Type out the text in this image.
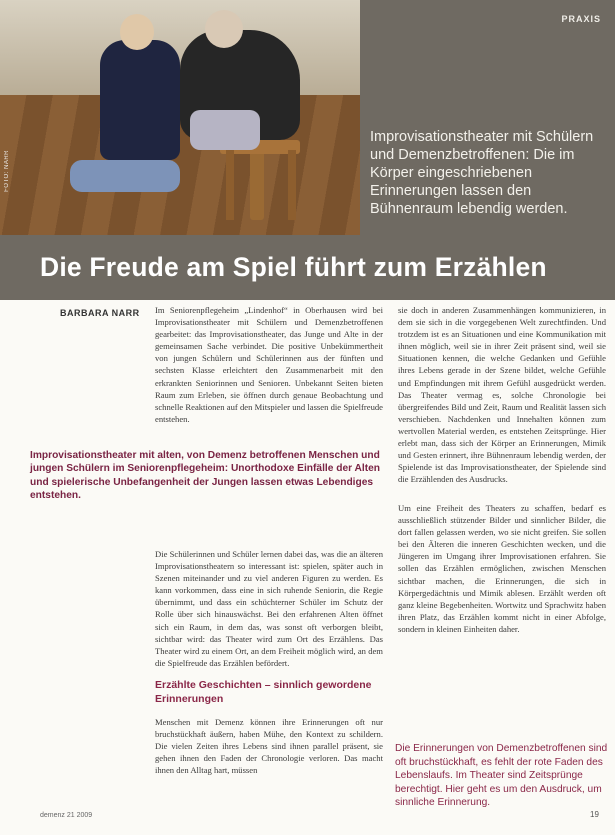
FOTO: NARR
PRAXIS
Improvisationstheater mit Schülern und Demenzbetroffenen: Die im Körper eingeschriebenen Erinnerungen lassen den Bühnenraum lebendig werden.
Die Freude am Spiel führt zum Erzählen
BARBARA NARR Im Seniorenpflegeheim „Lindenhof“ in Oberhausen wird bei Improvisationstheater mit Schülern und Demenzbetroffenen gearbeitet: das Improvisationstheater, das Junge und Alte in der gemeinsamen Sache verbindet. Die positive Unbekümmertheit von jungen Schülern und Schülerinnen aus der fünften und sechsten Klasse erleichtert den Zusammenarbeit mit den erkrankten Seniorinnen und Senioren. Unbekannt Seiten bieten Raum zum Erleben, sie öffnen durch genaue Beobachtung und schnelle Reaktionen auf den Mitspieler und lassen die Spielfreude entstehen.

Improvisationstheater mit alten, von Demenz betroffenen Menschen und jungen Schülern im Seniorenpflegeheim: Unorthodoxe Einfälle der Alten und spielerische Unbefangenheit der Jungen lassen etwas Lebendiges entstehen.

Die Schülerinnen und Schüler lernen dabei das, was die an älteren Improvisationstheatern so interessant ist: spielen, später auch in Szenen miteinander und zu viel anderen Figuren zu werden. Es kann vorkommen, dass eine in sich ruhende Seniorin, die Regie übernimmt, und dass ein schüchterner Schüler im Schutz der Rolle über sich hinauswächst. Bei den erfahrenen Alten öffnet sich ein Raum, in dem das, was sonst oft verborgen bleibt, sichtbar wird: das Theater wird zum Ort des Erzählens. Das Theater wird zu einem Ort, an dem Freiheit möglich wird, an dem die Spielfreude das Erzählen befördert.

Erzählte Geschichten – sinnlich gewordene Erinnerungen

Menschen mit Demenz können ihre Erinnerungen oft nur bruchstückhaft äußern, haben Mühe, den Kontext zu schildern. Die vielen Zeiten ihres Lebens sind ihnen parallel präsent, sie gehen ihnen den Faden der Chronologie verloren. Das macht ihnen den Alltag hart, müssen

sie doch in anderen Zusammenhängen kommunizieren, in dem sie sich in die vorgegebenen Welt zurechtfinden. Und trotzdem ist es an Situationen und eine Kommunikation mit ihnen möglich, weil sie in ihrer Zeit präsent sind, weil sie Situationen kennen, die welche Gedanken und Gefühle ihres Lebens gerade in der Szene bildet, welche Gefühle und Empfindungen mit ihrem Gefühl ausgedrückt werden. Das Theater vermag es, solche Chronologie bei übergreifendes Bild und Zeit, Raum und Realität lassen sich verschieben. Nachdenken und Innehalten können zum wertvollen Material werden, es entstehen Zeitsprünge. Hier erlebt man, dass sich der Körper an Erinnerungen, Mimik und Gesten erinnert, ihre Bühnenraum lebendig werden, der Spielende ist das Improvisationstheater, der Spielende sind die Erzählenden des Ausdrucks.

Um eine Freiheit des Theaters zu schaffen, bedarf es ausschließlich stützender Bilder und sinnlicher Bilder, die dort fallen gelassen werden, wo sie nicht greifen. Sie sollen bei den Älteren die inneren Geschichten wecken, und die Jüngeren im Umgang ihrer Improvisationen erfahren. Sie sollen das Erzählen ermöglichen, zwischen Menschen sichtbar machen, die Erinnerungen, die sich in Körpergedächtnis und Mimik ablesen. Erzählt werden oft ganz kleine Begebenheiten. Wortwitz und Sprachwitz haben ihren Platz, das Erzählen kommt nicht in einer Abfolge, sondern in kleinen Einheiten daher.

Die Erinnerungen von Demenzbetroffenen sind oft bruchstückhaft, es fehlt der rote Faden des Lebenslaufs. Im Theater sind Zeitsprünge berechtigt. Hier geht es um den Ausdruck, um sinnliche Erinnerung.
demenz 21 2009	19
